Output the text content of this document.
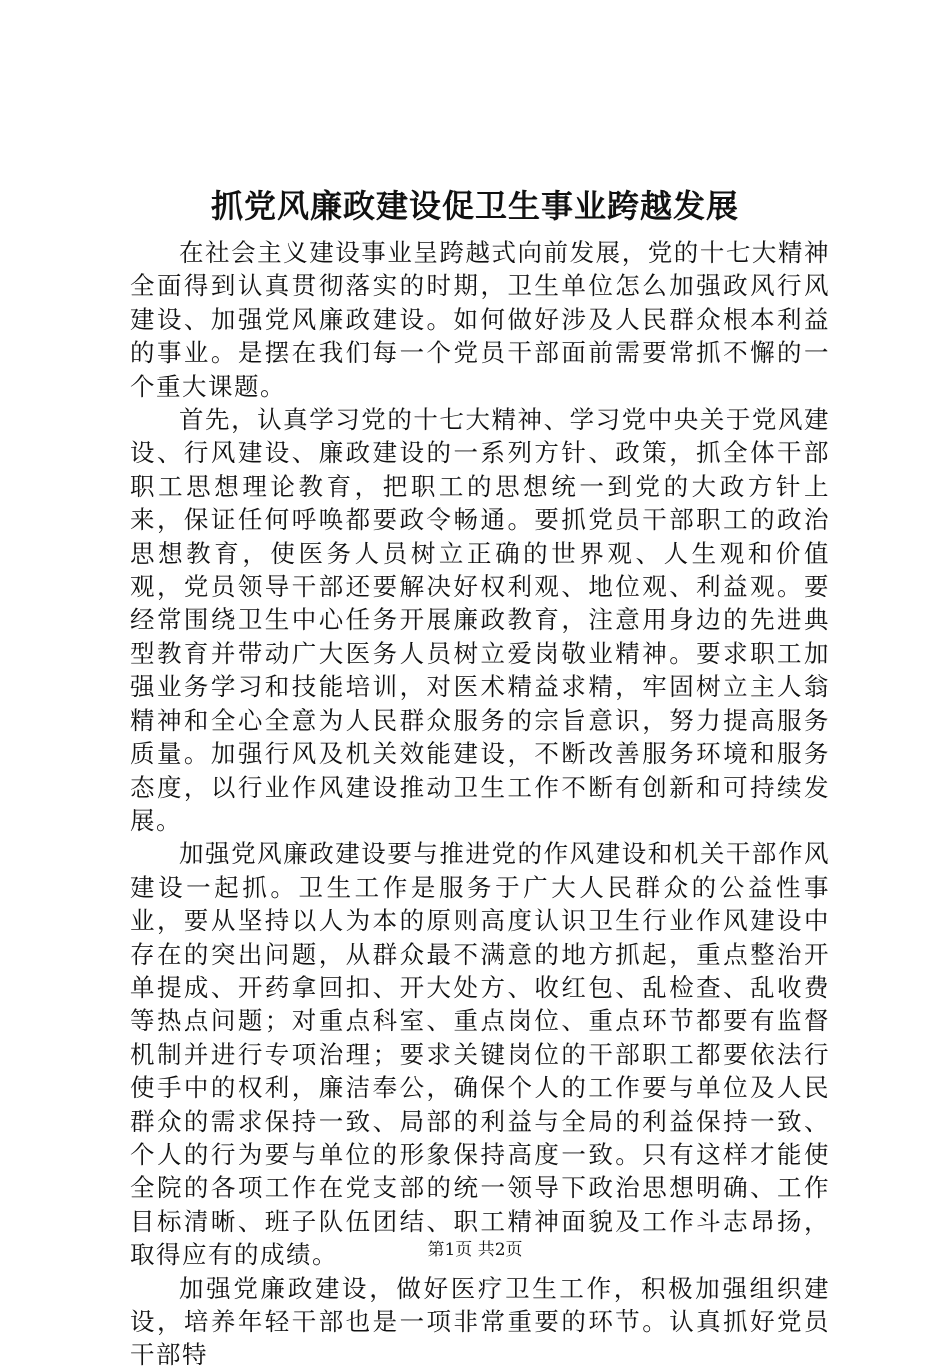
抓党风廉政建设促卫生事业跨越发展

在社会主义建设事业呈跨越式向前发展，党的十七大精神全面得到认真贯彻落实的时期，卫生单位怎么加强政风行风建设、加强党风廉政建设。如何做好涉及人民群众根本利益的事业。是摆在我们每一个党员干部面前需要常抓不懈的一个重大课题。

首先，认真学习党的十七大精神、学习党中央关于党风建设、行风建设、廉政建设的一系列方针、政策，抓全体干部职工思想理论教育，把职工的思想统一到党的大政方针上来，保证任何呼唤都要政令畅通。要抓党员干部职工的政治思想教育，使医务人员树立正确的世界观、人生观和价值观，党员领导干部还要解决好权利观、地位观、利益观。要经常围绕卫生中心任务开展廉政教育，注意用身边的先进典型教育并带动广大医务人员树立爱岗敬业精神。要求职工加强业务学习和技能培训，对医术精益求精，牢固树立主人翁精神和全心全意为人民群众服务的宗旨意识，努力提高服务质量。加强行风及机关效能建设，不断改善服务环境和服务态度，以行业作风建设推动卫生工作不断有创新和可持续发展。

加强党风廉政建设要与推进党的作风建设和机关干部作风建设一起抓。卫生工作是服务于广大人民群众的公益性事业，要从坚持以人为本的原则高度认识卫生行业作风建设中存在的突出问题，从群众最不满意的地方抓起，重点整治开单提成、开药拿回扣、开大处方、收红包、乱检查、乱收费等热点问题；对重点科室、重点岗位、重点环节都要有监督机制并进行专项治理；要求关键岗位的干部职工都要依法行使手中的权利，廉洁奉公，确保个人的工作要与单位及人民群众的需求保持一致、局部的利益与全局的利益保持一致、个人的行为要与单位的形象保持高度一致。只有这样才能使全院的各项工作在党支部的统一领导下政治思想明确、工作目标清晰、班子队伍团结、职工精神面貌及工作斗志昂扬，取得应有的成绩。

加强党廉政建设，做好医疗卫生工作，积极加强组织建设，培养年轻干部也是一项非常重要的环节。认真抓好党员干部特

第1页 共2页
